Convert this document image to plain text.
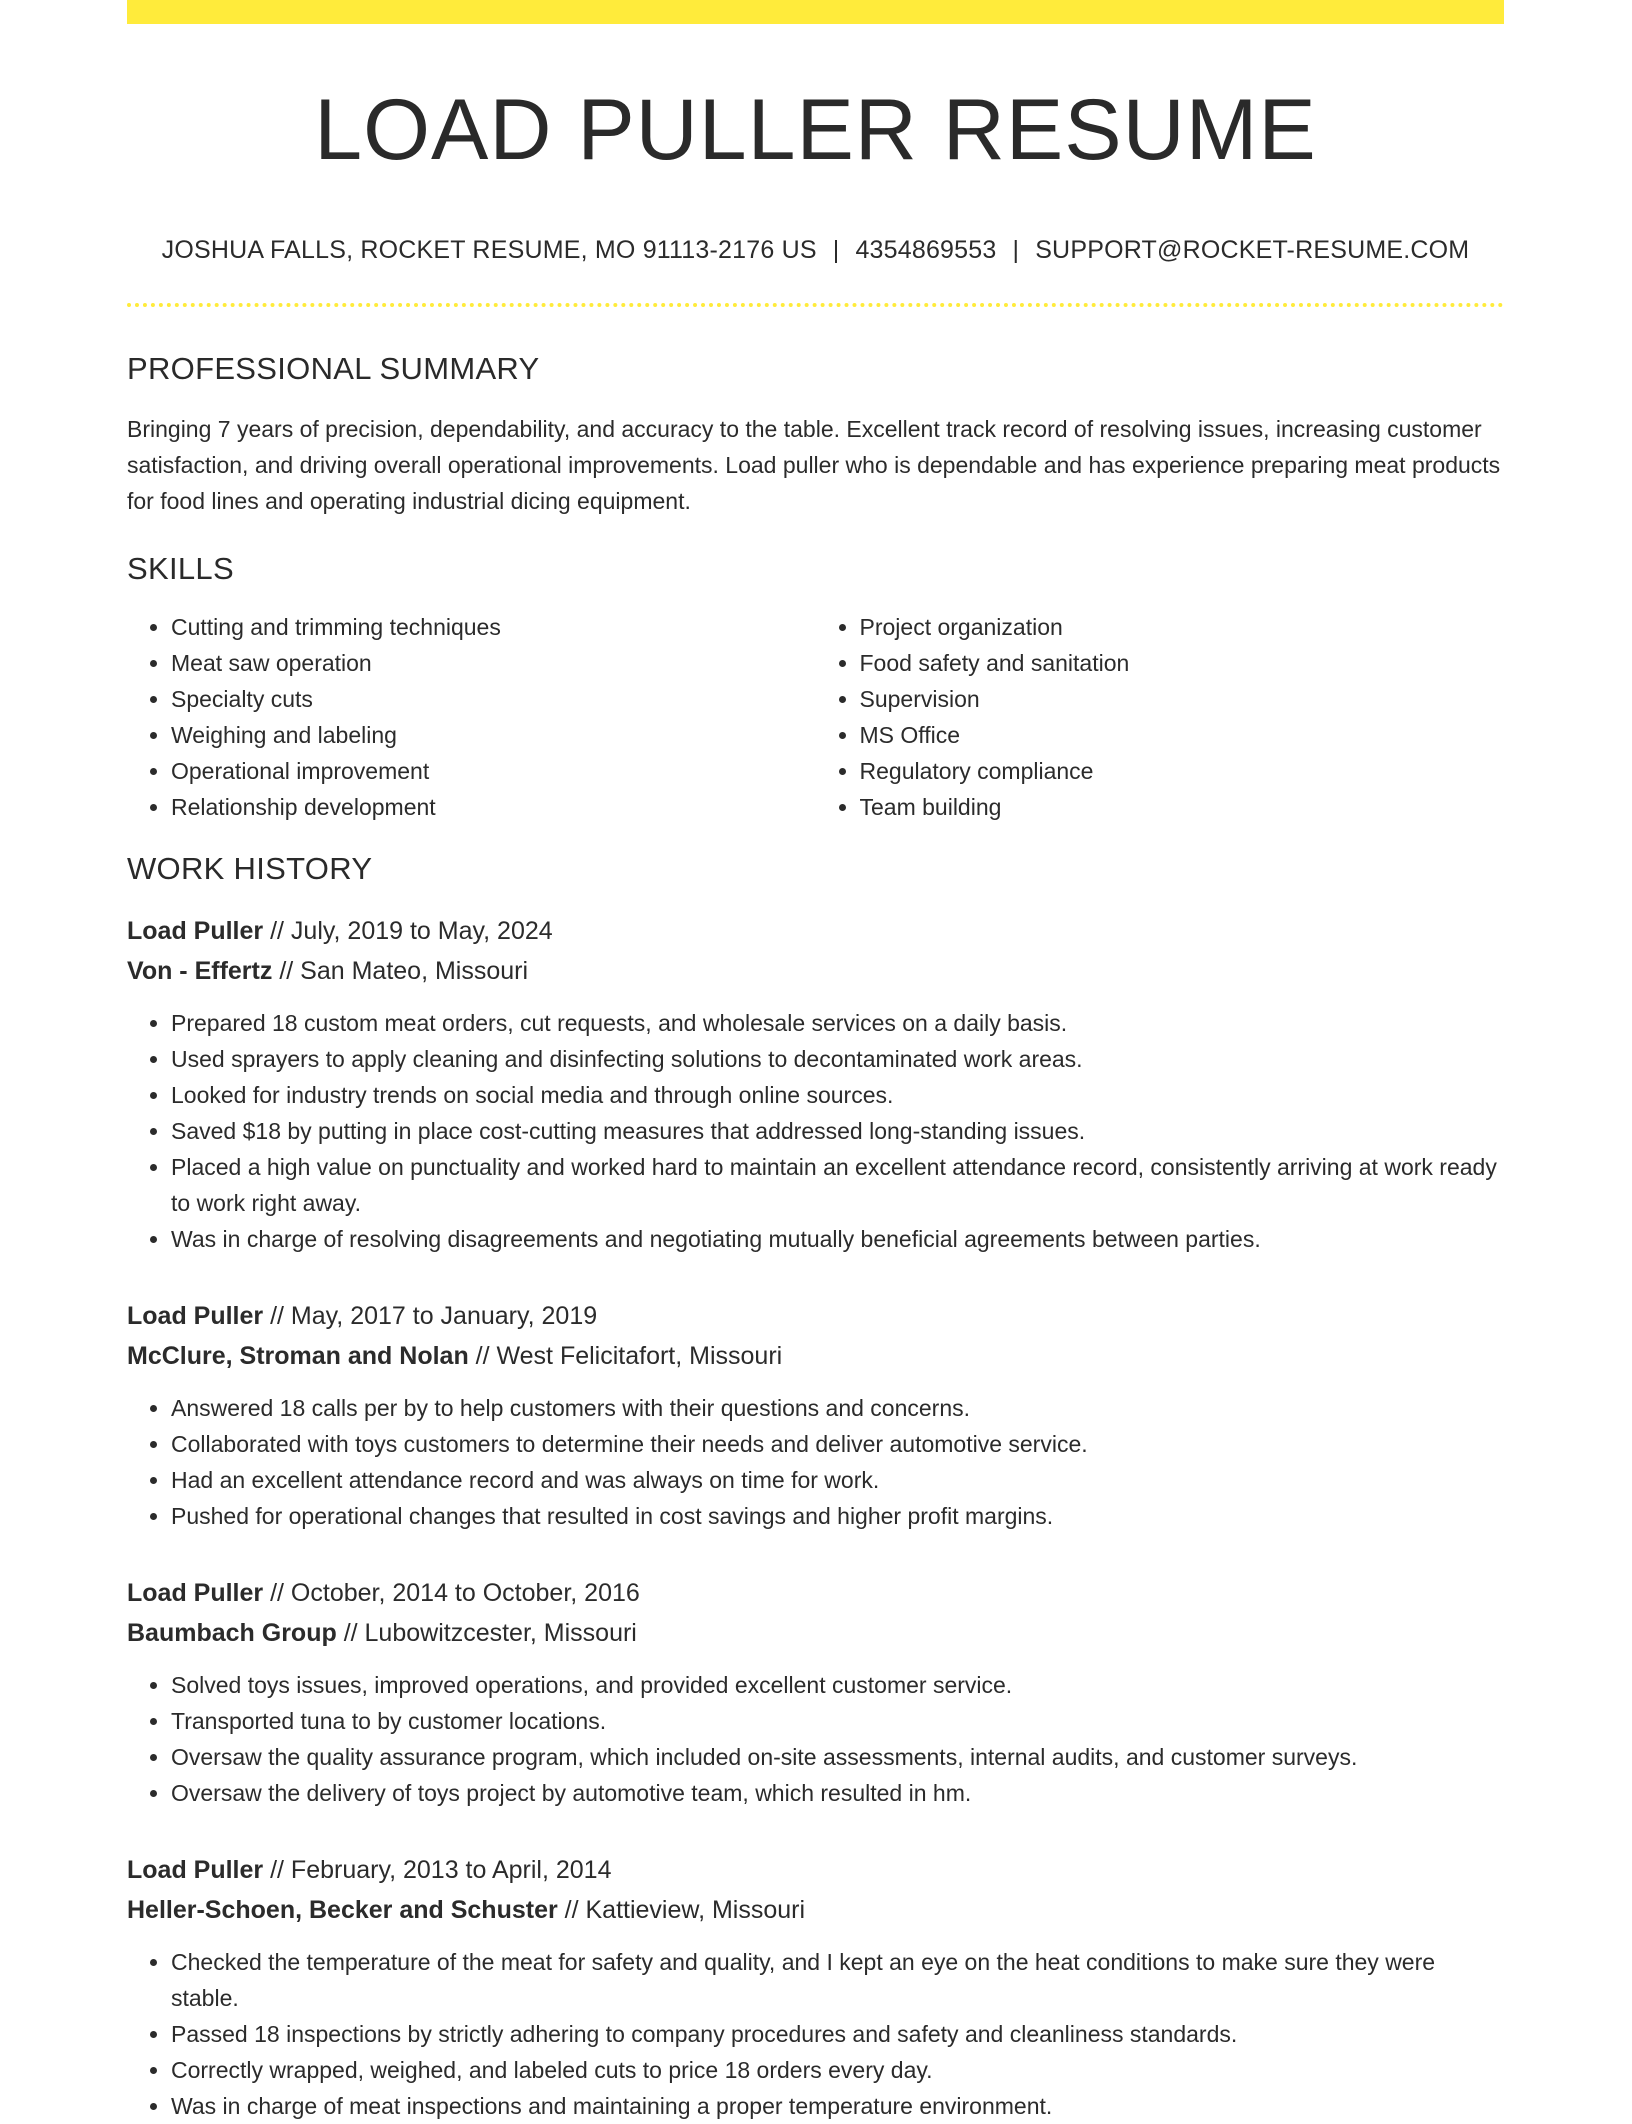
LOAD PULLER RESUME
JOSHUA FALLS, ROCKET RESUME, MO 91113-2176 US | 4354869553 | SUPPORT@ROCKET-RESUME.COM
PROFESSIONAL SUMMARY

Bringing 7 years of precision, dependability, and accuracy to the table. Excellent track record of resolving issues, increasing customer satisfaction, and driving overall operational improvements. Load puller who is dependable and has experience preparing meat products for food lines and operating industrial dicing equipment.

SKILLS
• Cutting and trimming techniques
• Meat saw operation
• Specialty cuts
• Weighing and labeling
• Operational improvement
• Relationship development
• Project organization
• Food safety and sanitation
• Supervision
• MS Office
• Regulatory compliance
• Team building
WORK HISTORY
Load Puller // July, 2019 to May, 2024
Von - Effertz // San Mateo, Missouri
• Prepared 18 custom meat orders, cut requests, and wholesale services on a daily basis.
• Used sprayers to apply cleaning and disinfecting solutions to decontaminated work areas.
• Looked for industry trends on social media and through online sources.
• Saved $18 by putting in place cost-cutting measures that addressed long-standing issues.
• Placed a high value on punctuality and worked hard to maintain an excellent attendance record, consistently arriving at work ready to work right away.
• Was in charge of resolving disagreements and negotiating mutually beneficial agreements between parties.
Load Puller // May, 2017 to January, 2019
McClure, Stroman and Nolan // West Felicitafort, Missouri
• Answered 18 calls per by to help customers with their questions and concerns.
• Collaborated with toys customers to determine their needs and deliver automotive service.
• Had an excellent attendance record and was always on time for work.
• Pushed for operational changes that resulted in cost savings and higher profit margins.
Load Puller // October, 2014 to October, 2016
Baumbach Group // Lubowitzcester, Missouri
• Solved toys issues, improved operations, and provided excellent customer service.
• Transported tuna to by customer locations.
• Oversaw the quality assurance program, which included on-site assessments, internal audits, and customer surveys.
• Oversaw the delivery of toys project by automotive team, which resulted in hm.
Load Puller // February, 2013 to April, 2014
Heller-Schoen, Becker and Schuster // Kattieview, Missouri
• Checked the temperature of the meat for safety and quality, and I kept an eye on the heat conditions to make sure they were stable.
• Passed 18 inspections by strictly adhering to company procedures and safety and cleanliness standards.
• Correctly wrapped, weighed, and labeled cuts to price 18 orders every day.
• Was in charge of meat inspections and maintaining a proper temperature environment.
